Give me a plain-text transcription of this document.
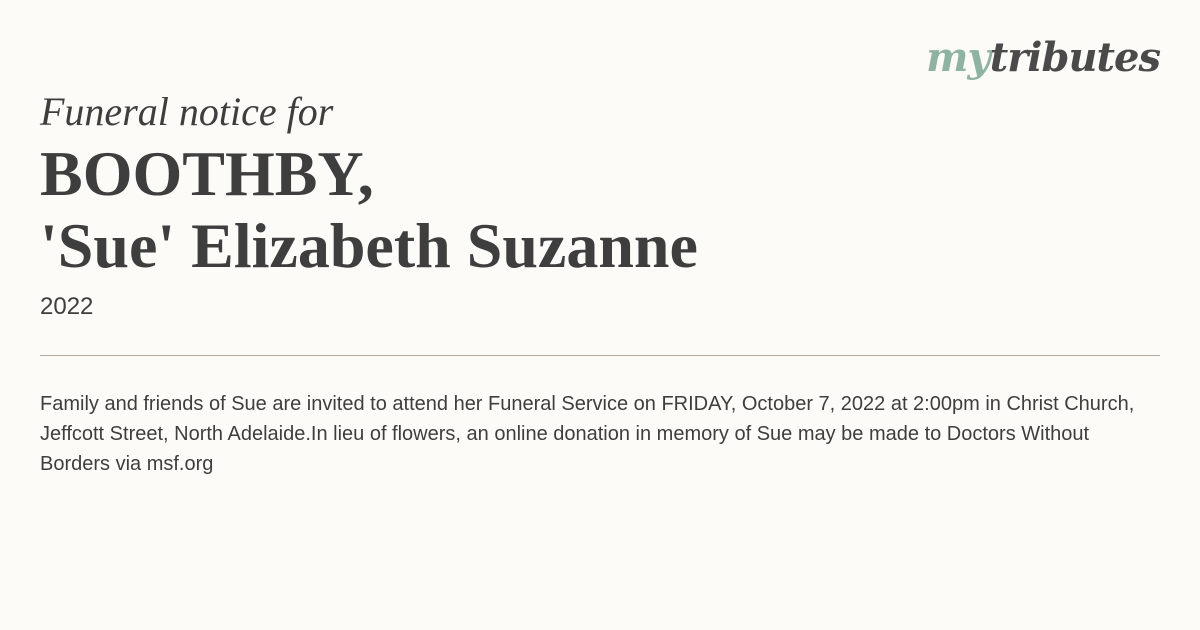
mytributes
Funeral notice for
BOOTHBY,
'Sue' Elizabeth Suzanne
2022
Family and friends of Sue are invited to attend her Funeral Service on FRIDAY, October 7, 2022 at 2:00pm in Christ Church, Jeffcott Street, North Adelaide.In lieu of flowers, an online donation in memory of Sue may be made to Doctors Without Borders via msf.org
